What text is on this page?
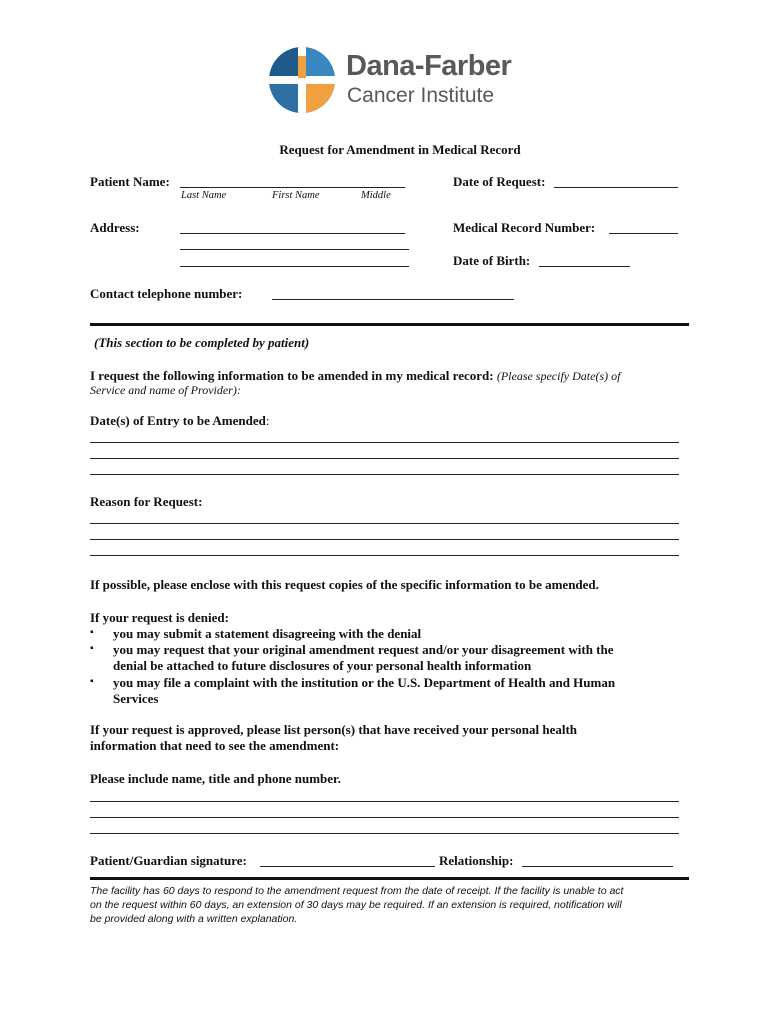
Dana-Farber
Cancer Institute
Request for Amendment in Medical Record
Patient Name:
Last Name	First Name	Middle
Date of Request:
Address:	Medical Record Number:
Date of Birth:
Contact telephone number:
(This section to be completed by patient)
I request the following information to be amended in my medical record: (Please specify Date(s) of
Service and name of Provider):
Date(s) of Entry to be Amended:
Reason for Request:
If possible, please enclose with this request copies of the specific information to be amended.
If your request is denied:
▪ you may submit a statement disagreeing with the denial
▪ you may request that your original amendment request and/or your disagreement with the
denial be attached to future disclosures of your personal health information
▪ you may file a complaint with the institution or the U.S. Department of Health and Human
Services
If your request is approved, please list person(s) that have received your personal health
information that need to see the amendment:
Please include name, title and phone number.
Patient/Guardian signature:	Relationship:
The facility has 60 days to respond to the amendment request from the date of receipt. If the facility is unable to act
on the request within 60 days, an extension of 30 days may be required. If an extension is required, notification will
be provided along with a written explanation.
